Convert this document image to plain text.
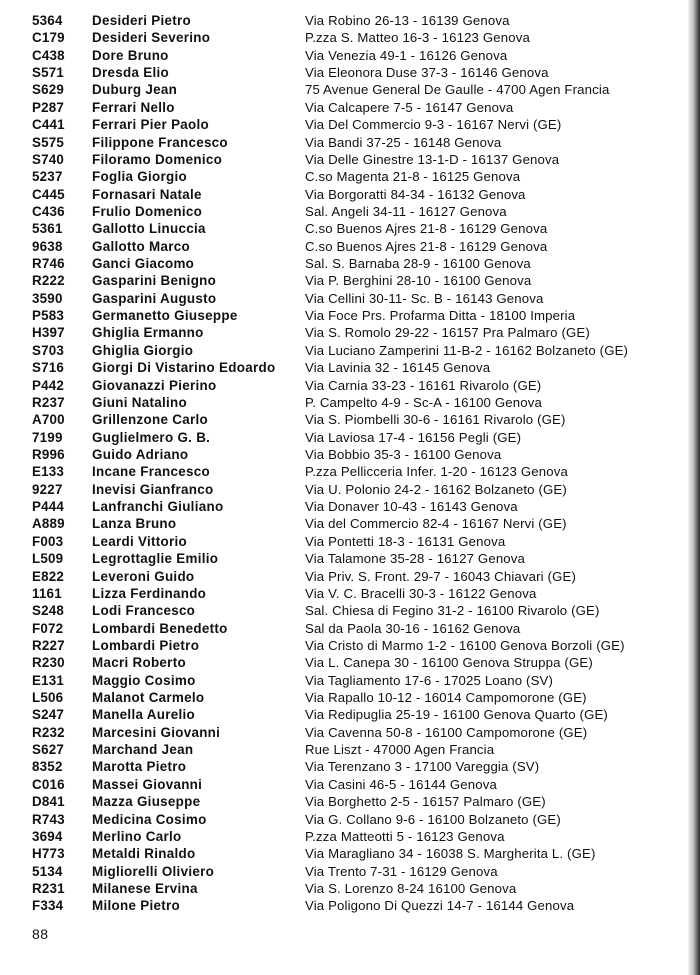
5364 Desideri Pietro	Via Robino 26-13 - 16139 Genova
C179 Desideri Severino	P.zza S. Matteo 16-3 - 16123 Genova
C438 Dore Bruno	Via Venezia 49-1 - 16126 Genova
S571 Dresda Elio	Via Eleonora Duse 37-3 - 16146 Genova
S629 Duburg Jean	75 Avenue General De Gaulle - 4700 Agen Francia
P287 Ferrari Nello	Via Calcapere 7-5 - 16147 Genova
C441 Ferrari Pier Paolo	Via Del Commercio 9-3 - 16167 Nervi (GE)
S575 Filippone Francesco	Via Bandi 37-25 - 16148 Genova
S740 Filoramo Domenico	Via Delle Ginestre 13-1-D - 16137 Genova
5237 Foglia Giorgio	C.so Magenta 21-8 - 16125 Genova
C445 Fornasari Natale	Via Borgoratti 84-34 - 16132 Genova
C436 Frulio Domenico	Sal. Angeli 34-11 - 16127 Genova
5361 Gallotto Linuccia	C.so Buenos Ajres 21-8 - 16129 Genova
9638 Gallotto Marco	C.so Buenos Ajres 21-8 - 16129 Genova
R746 Ganci Giacomo	Sal. S. Barnaba 28-9 - 16100 Genova
R222 Gasparini Benigno	Via P. Berghini 28-10 - 16100 Genova
3590 Gasparini Augusto	Via Cellini 30-11- Sc. B - 16143 Genova
P583 Germanetto Giuseppe	Via Foce Prs. Profarma Ditta - 18100 Imperia
H397 Ghiglia Ermanno	Via S. Romolo 29-22 - 16157 Pra Palmaro (GE)
S703 Ghiglia Giorgio	Via Luciano Zamperini 11-B-2 - 16162 Bolzaneto (GE)
S716 Giorgi Di Vistarino Edoardo Via Lavinia 32 - 16145 Genova
P442 Giovanazzi Pierino	Via Carnia 33-23 - 16161 Rivarolo (GE)
R237 Giuni Natalino	P. Campelto 4-9 - Sc-A - 16100 Genova
A700 Grillenzone Carlo	Via S. Piombelli 30-6 - 16161 Rivarolo (GE)
7199 Guglielmero G. B.	Via Laviosa 17-4 - 16156 Pegli (GE)
R996 Guido Adriano	Via Bobbio 35-3 - 16100 Genova
E133 Incane Francesco	P.zza Pellicceria Infer. 1-20 - 16123 Genova
9227 Inevisi Gianfranco	Via U. Polonio 24-2 - 16162 Bolzaneto (GE)
P444 Lanfranchi Giuliano	Via Donaver 10-43 - 16143 Genova
A889 Lanza Bruno	Via del Commercio 82-4 - 16167 Nervi (GE)
F003 Leardi Vittorio	Via Pontetti 18-3 - 16131 Genova
L509 Legrottaglie Emilio	Via Talamone 35-28 - 16127 Genova
E822 Leveroni Guido	Via Priv. S. Front. 29-7 - 16043 Chiavari (GE)
1161 Lizza Ferdinando	Via V. C. Bracelli 30-3 - 16122 Genova
S248 Lodi Francesco	Sal. Chiesa di Fegino 31-2 - 16100 Rivarolo (GE)
F072 Lombardi Benedetto	Sal da Paola 30-16 - 16162 Genova
R227 Lombardi Pietro	Via Cristo di Marmo 1-2 - 16100 Genova Borzoli (GE)
R230 Macri Roberto	Via L. Canepa 30 - 16100 Genova Struppa (GE)
E131 Maggio Cosimo	Via Tagliamento 17-6 - 17025 Loano (SV)
L506 Malanot Carmelo	Via Rapallo 10-12 - 16014 Campomorone (GE)
S247 Manella Aurelio	Via Redipuglia 25-19 - 16100 Genova Quarto (GE)
R232 Marcesini Giovanni	Via Cavenna 50-8 - 16100 Campomorone (GE)
S627 Marchand Jean	Rue Liszt - 47000 Agen Francia
8352 Marotta Pietro	Via Terenzano 3 - 17100 Vareggia (SV)
C016 Massei Giovanni	Via Casini 46-5 - 16144 Genova
D841 Mazza Giuseppe	Via Borghetto 2-5 - 16157 Palmaro (GE)
R743 Medicina Cosimo	Via G. Collano 9-6 - 16100 Bolzaneto (GE)
3694 Merlino Carlo	P.zza Matteotti 5 - 16123 Genova
H773 Metaldi Rinaldo	Via Maragliano 34 - 16038 S. Margherita L. (GE)
5134 Migliorelli Oliviero	Via Trento 7-31 - 16129 Genova
R231 Milanese Ervina	Via S. Lorenzo 8-24 16100 Genova
F334 Milone Pietro	Via Poligono Di Quezzi 14-7 - 16144 Genova
88
